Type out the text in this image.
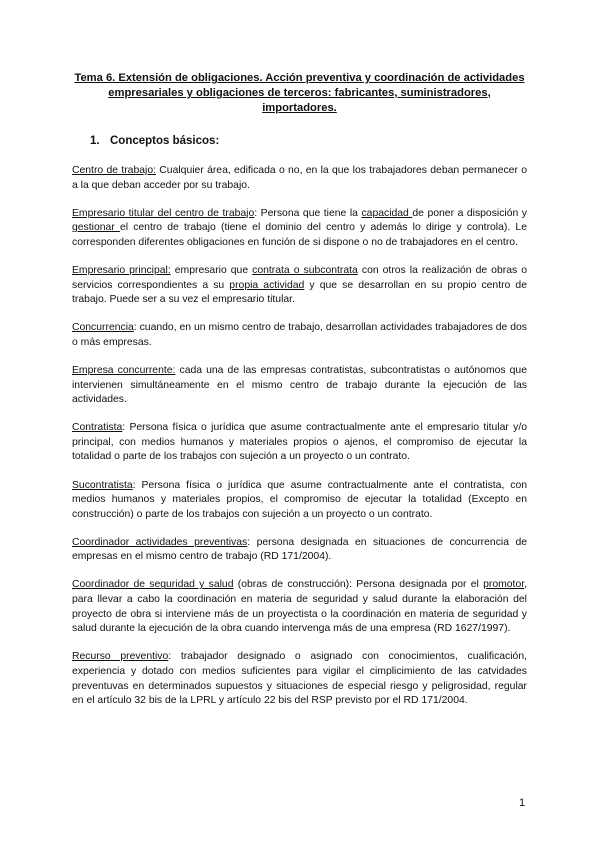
Tema 6. Extensión de obligaciones. Acción preventiva y coordinación de actividades empresariales y obligaciones de terceros: fabricantes, suministradores, importadores.
1. Conceptos básicos:

Centro de trabajo: Cualquier área, edificada o no, en la que los trabajadores deban permanecer o a la que deban acceder por su trabajo.

Empresario titular del centro de trabajo: Persona que tiene la capacidad de poner a disposición y gestionar el centro de trabajo (tiene el dominio del centro y además lo dirige y controla). Le corresponden diferentes obligaciones en función de si dispone o no de trabajadores en el centro.

Empresario principal: empresario que contrata o subcontrata con otros la realización de obras o servicios correspondientes a su propia actividad y que se desarrollan en su propio centro de trabajo. Puede ser a su vez el empresario titular.

Concurrencia: cuando, en un mismo centro de trabajo, desarrollan actividades trabajadores de dos o más empresas.

Empresa concurrente: cada una de las empresas contratistas, subcontratistas o autónomos que intervienen simultáneamente en el mismo centro de trabajo durante la ejecución de las actividades.

Contratista: Persona física o jurídica que asume contractualmente ante el empresario titular y/o principal, con medios humanos y materiales propios o ajenos, el compromiso de ejecutar la totalidad o parte de los trabajos con sujeción a un proyecto o un contrato.

Sucontratista: Persona física o jurídica que asume contractualmente ante el contratista, con medios humanos y materiales propios, el compromiso de ejecutar la totalidad (Excepto en construcción) o parte de los trabajos con sujeción a un proyecto o un contrato.

Coordinador actividades preventivas: persona designada en situaciones de concurrencia de empresas en el mismo centro de trabajo (RD 171/2004).

Coordinador de seguridad y salud (obras de construcción): Persona designada por el promotor, para llevar a cabo la coordinación en materia de seguridad y salud durante la elaboración del proyecto de obra si interviene más de un proyectista o la coordinación en materia de seguridad y salud durante la ejecución de la obra cuando intervenga más de una empresa (RD 1627/1997).

Recurso preventivo: trabajador designado o asignado con conocimientos, cualificación, experiencia y dotado con medios suficientes para vigilar el cimplicimiento de las catvidades preventuvas en determinados supuestos y situaciones de especial riesgo y peligrosidad, regular en el artículo 32 bis de la LPRL y artículo 22 bis del RSP previsto por el RD 171/2004.

1
